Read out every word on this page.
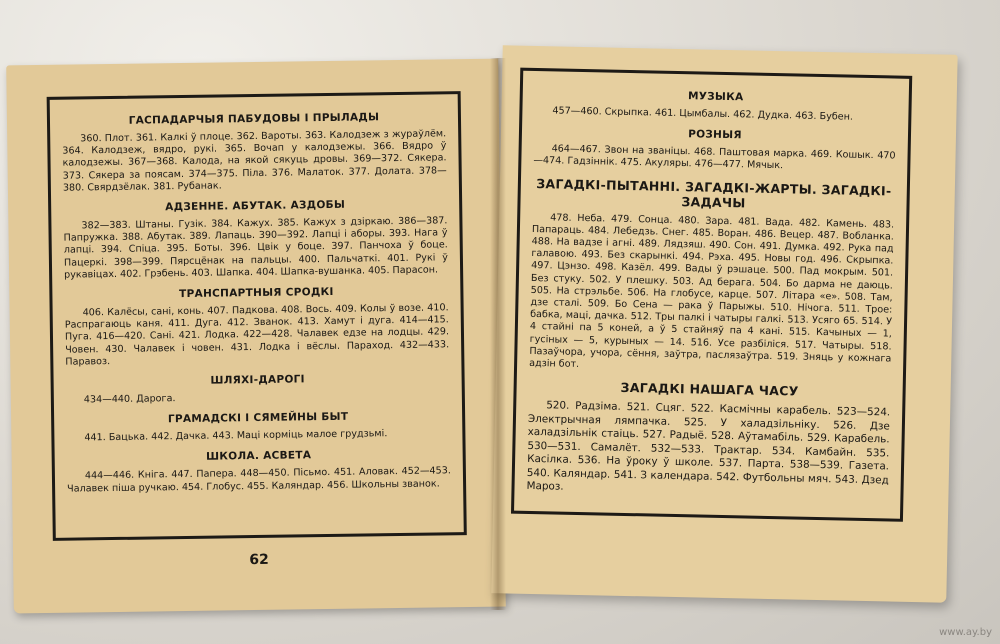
ГАСПАДАРЧЫЯ ПАБУДОВЫ І ПРЫЛАДЫ

360. Плот. 361. Калкі ў плоце. 362. Вароты. 363. Калодзеж з журaўлём. 364. Калодзеж, вядро, рукі. 365. Вочап у калодзежы. 366. Вядро ў калодзежы. 367—368. Калода, на якой сякуць дровы. 369—372. Сякера. 373. Сякера за поясам. 374—375. Піла. 376. Малаток. 377. Долата. 378—380. Свярдзёлак. 381. Рубанак.

АДЗЕННЕ. АБУТАК. АЗДОБЫ

382—383. Штаны. Гузік. 384. Кажух. 385. Кажух з дзіркаю. 386—387. Папружка. 388. Абутак. 389. Лапаць. 390—392. Лапці і аборы. 393. Нага ў лапці. 394. Спіца. 395. Боты. 396. Цвік у боце. 397. Панчоха ў боце. Пацеркі. 398—399. Пярсцёнак на пальцы. 400. Пальчаткі. 401. Рукі ў рукавіцах. 402. Грэбень. 403. Шапка. 404. Шапка-вушанка. 405. Парасон.

ТРАНСПАРТНЫЯ СРОДКІ

406. Калёсы, сані, конь. 407. Падкова. 408. Вось. 409. Колы ў возе. 410. Распрагаюць каня. 411. Дуга. 412. Званок. 413. Хамут і дуга. 414—415. Пуга. 416—420. Сані. 421. Лодка. 422—428. Чалавек едзе на лодцы. 429. Човен. 430. Чалавек і човен. 431. Лодка і вёслы. Параход. 432—433. Паравоз.

ШЛЯХІ-ДАРОГІ

434—440. Дарога.

ГРАМАДСКІ І СЯМЕЙНЫ БЫТ

441. Бацька. 442. Дачка. 443. Маці корміць малое грудзьмі.

ШКОЛА. АСВЕТА

444—446. Кніга. 447. Папера. 448—450. Пісьмо. 451. Аловак. 452—453. Чалавек піша ручкаю. 454. Глобус. 455. Каляндар. 456. Школьны званок.

62
МУЗЫКА

457—460. Скрыпка. 461. Цымбалы. 462. Дудка. 463. Бубен.

РОЗНЫЯ

464—467. Звон на званіцы. 468. Паштовая марка. 469. Кошык. 470—474. Гадзіннік. 475. Акуляры. 476—477. Мячык.

ЗАГАДКІ-ПЫТАННІ. ЗАГАДКІ-ЖАРТЫ. ЗАГАДКІ-ЗАДАЧЫ

478. Неба. 479. Сонца. 480. Зара. 481. Вада. 482. Камень. 483. Папараць. 484. Лебедзь. Снег. 485. Воран. 486. Вецер. 487. Вобланка. 488. На вадзе і агні. 489. Лядзяш. 490. Сон. 491. Думка. 492. Рука пад галавою. 493. Без скарынкі. 494. Рэха. 495. Новы год. 496. Скрыпка. 497. Цэнзо. 498. Казёл. 499. Вады ў рэшаце. 500. Пад мокрым. 501. Без стуку. 502. У плешку. 503. Ад берага. 504. Бо дарма не даюць. 505. На стрэльбе. 506. На глобусе, карце. 507. Літара «е». 508. Там, дзе сталі. 509. Бо Сена — рака ў Парыжы. 510. Нічога. 511. Трое: бабка, маці, дачка. 512. Тры палкі і чатыры галкі. 513. Усяго 65. 514. У 4 стайні па 5 коней, а ў 5 стайняў па 4 кані. 515. Качыных — 1, гусіных — 5, курыных — 14. 516. Усе разбіліся. 517. Чатыры. 518. Пазаўчора, учора, сёння, заўтра, паслязаўтра. 519. Зняць у кожнага адзін бот.

ЗАГАДКІ НАШАГА ЧАСУ

520. Радзіма. 521. Сцяг. 522. Касмічны карабель. 523—524. Электрычная лямпачка. 525. У халадзільніку. 526. Дзе халадзільнік стаіць. 527. Радыё. 528. Аўтамабіль. 529. Карабель. 530—531. Самалёт. 532—533. Трактар. 534. Камбайн. 535. Касілка. 536. На ўроку ў школе. 537. Парта. 538—539. Газета. 540. Каляндар. 541. З календара. 542. Футбольны мяч. 543. Дзед Мароз.

www.ay.by
